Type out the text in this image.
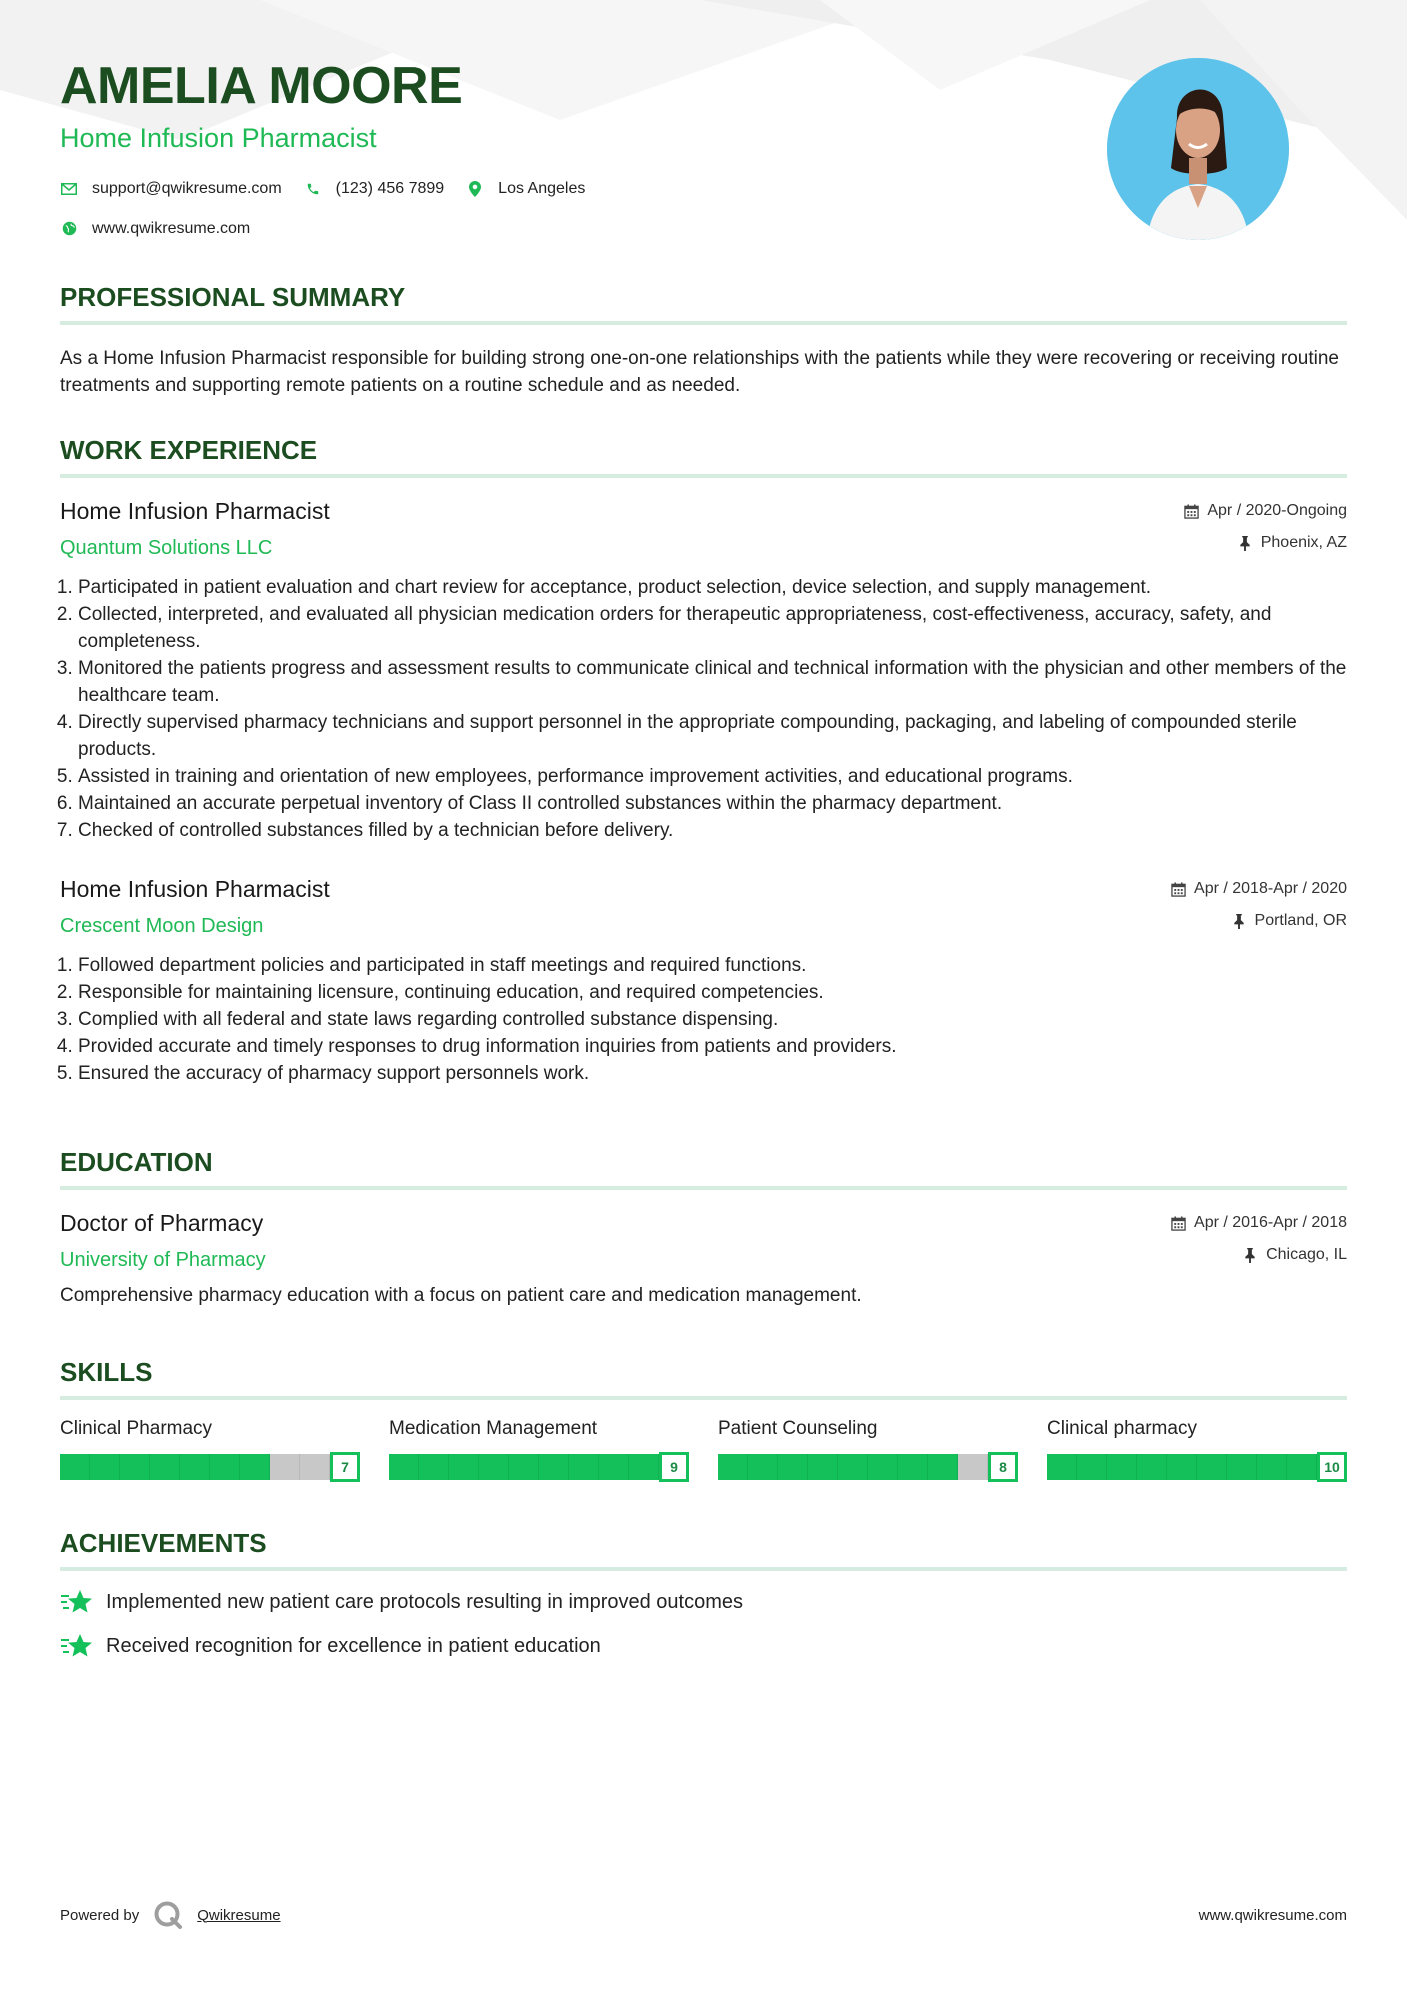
AMELIA MOORE
Home Infusion Pharmacist
support@qwikresume.com	(123) 456 7899	Los Angeles
www.qwikresume.com
PROFESSIONAL SUMMARY

As a Home Infusion Pharmacist responsible for building strong one-on-one relationships with the patients while they were recovering or receiving routine treatments and supporting remote patients on a routine schedule and as needed.

WORK EXPERIENCE
Home Infusion Pharmacist
Quantum Solutions LLC
Apr / 2020-Ongoing
Phoenix, AZ
1. Participated in patient evaluation and chart review for acceptance, product selection, device selection, and supply management.
2. Collected, interpreted, and evaluated all physician medication orders for therapeutic appropriateness, cost-effectiveness, accuracy, safety, and completeness.
3. Monitored the patients progress and assessment results to communicate clinical and technical information with the physician and other members of the healthcare team.
4. Directly supervised pharmacy technicians and support personnel in the appropriate compounding, packaging, and labeling of compounded sterile products.
5. Assisted in training and orientation of new employees, performance improvement activities, and educational programs.
6. Maintained an accurate perpetual inventory of Class II controlled substances within the pharmacy department.
7. Checked of controlled substances filled by a technician before delivery.
Home Infusion Pharmacist
Crescent Moon Design
Apr / 2018-Apr / 2020
Portland, OR
1. Followed department policies and participated in staff meetings and required functions.
2. Responsible for maintaining licensure, continuing education, and required competencies.
3. Complied with all federal and state laws regarding controlled substance dispensing.
4. Provided accurate and timely responses to drug information inquiries from patients and providers.
5. Ensured the accuracy of pharmacy support personnels work.
EDUCATION
Doctor of Pharmacy
University of Pharmacy
Apr / 2016-Apr / 2018
Chicago, IL

Comprehensive pharmacy education with a focus on patient care and medication management.

SKILLS
Clinical Pharmacy
7
Medication Management
9
Patient Counseling
8
Clinical pharmacy
10
ACHIEVEMENTS
Implemented new patient care protocols resulting in improved outcomes
Received recognition for excellence in patient education
Powered by	Qwikresume	www.qwikresume.com
